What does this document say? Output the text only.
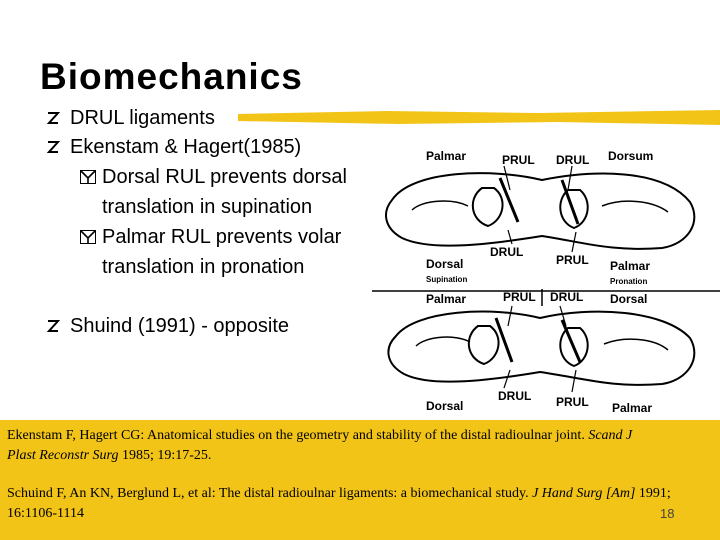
Biomechanics
DRUL ligaments
Ekenstam & Hagert(1985)
Dorsal RUL prevents dorsal translation in supination
Palmar RUL prevents volar translation in pronation
Shuind (1991) - opposite
Palmar	PRUL DRUL Dorsum
DRUL
PRUL
Dorsal
Supination
Palmar
Pronation
Palmar	PRUL DRUL Dorsal
DRUL PRUL
Dorsal	Palmar
Ekenstam F, Hagert CG: Anatomical studies on the geometry and stability of the distal radioulnar joint. Scand J Plast Reconstr Surg 1985; 19:17-25.
Schuind F, An KN, Berglund L, et al: The distal radioulnar ligaments: a biomechanical study. J Hand Surg [Am] 1991; 16:1106-1114	18
